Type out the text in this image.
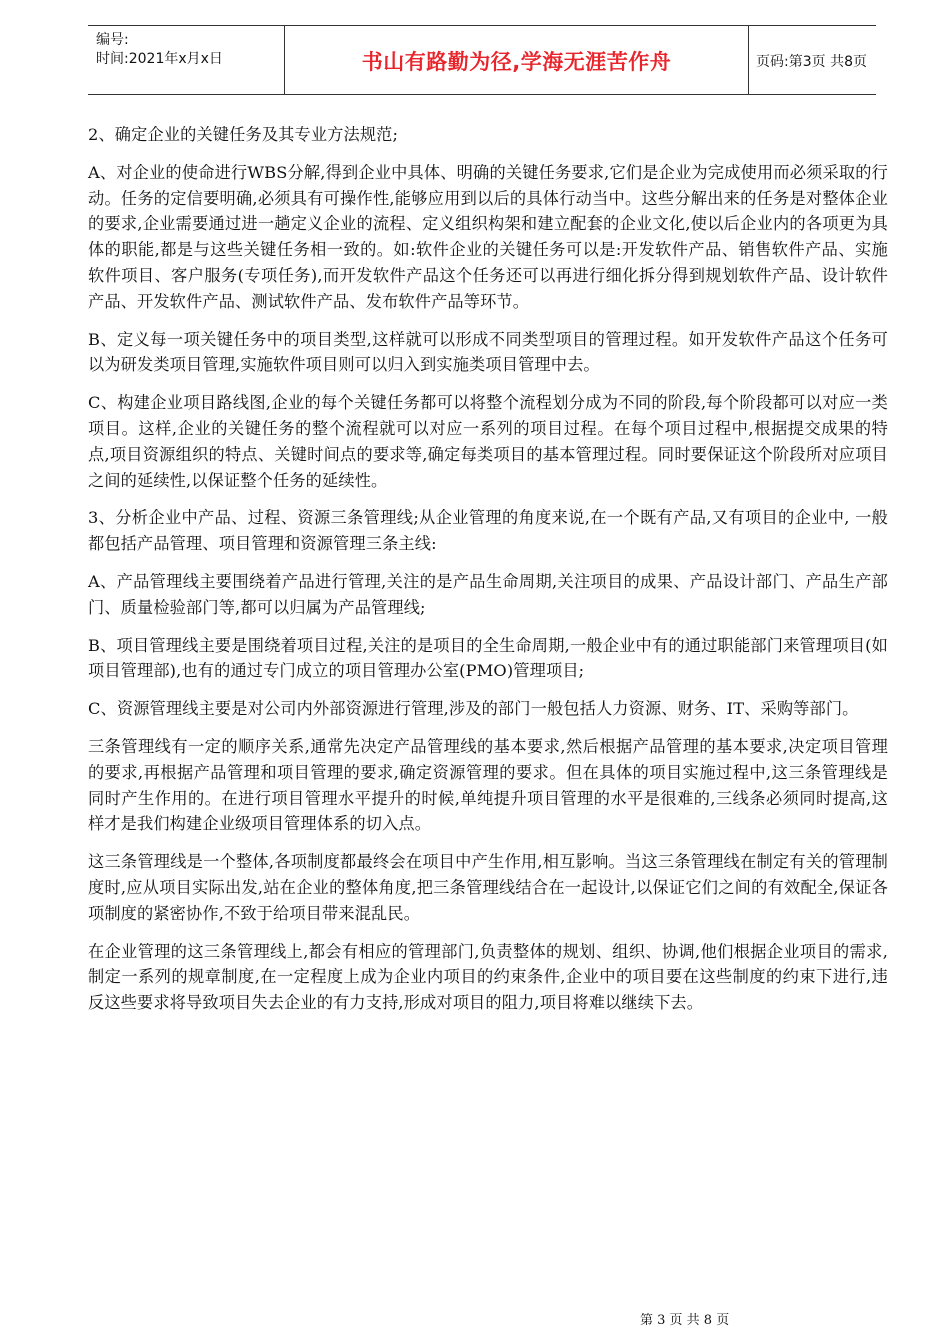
编号:
时间:2021年x月x日	书山有路勤为径,学海无涯苦作舟	页码:第3页 共8页

2、确定企业的关键任务及其专业方法规范;

A、对企业的使命进行WBS分解,得到企业中具体、明确的关键任务要求,它们是企业为完成使用而必须采取的行动。任务的定信要明确,必须具有可操作性,能够应用到以后的具体行动当中。这些分解出来的任务是对整体企业的要求,企业需要通过进一趟定义企业的流程、定义组织构架和建立配套的企业文化,使以后企业内的各项更为具体的职能,都是与这些关键任务相一致的。如:软件企业的关键任务可以是:开发软件产品、销售软件产品、实施软件项目、客户服务(专项任务),而开发软件产品这个任务还可以再进行细化拆分得到规划软件产品、设计软件产品、开发软件产品、测试软件产品、发布软件产品等环节。

B、定义每一项关键任务中的项目类型,这样就可以形成不同类型项目的管理过程。如开发软件产品这个任务可以为研发类项目管理,实施软件项目则可以归入到实施类项目管理中去。

C、构建企业项目路线图,企业的每个关键任务都可以将整个流程划分成为不同的阶段,每个阶段都可以对应一类项目。这样,企业的关键任务的整个流程就可以对应一系列的项目过程。在每个项目过程中,根据提交成果的特点,项目资源组织的特点、关键时间点的要求等,确定每类项目的基本管理过程。同时要保证这个阶段所对应项目之间的延续性,以保证整个任务的延续性。

3、分析企业中产品、过程、资源三条管理线;从企业管理的角度来说,在一个既有产品,又有项目的企业中, 一般都包括产品管理、项目管理和资源管理三条主线:

A、产品管理线主要围绕着产品进行管理,关注的是产品生命周期,关注项目的成果、产品设计部门、产品生产部门、质量检验部门等,都可以归属为产品管理线;

B、项目管理线主要是围绕着项目过程,关注的是项目的全生命周期,一般企业中有的通过职能部门来管理项目(如项目管理部),也有的通过专门成立的项目管理办公室(PMO)管理项目;

C、资源管理线主要是对公司内外部资源进行管理,涉及的部门一般包括人力资源、财务、IT、采购等部门。

三条管理线有一定的顺序关系,通常先决定产品管理线的基本要求,然后根据产品管理的基本要求,决定项目管理的要求,再根据产品管理和项目管理的要求,确定资源管理的要求。但在具体的项目实施过程中,这三条管理线是同时产生作用的。在进行项目管理水平提升的时候,单纯提升项目管理的水平是很难的,三线条必须同时提高,这样才是我们构建企业级项目管理体系的切入点。

这三条管理线是一个整体,各项制度都最终会在项目中产生作用,相互影响。当这三条管理线在制定有关的管理制度时,应从项目实际出发,站在企业的整体角度,把三条管理线结合在一起设计,以保证它们之间的有效配全,保证各项制度的紧密协作,不致于给项目带来混乱民。

在企业管理的这三条管理线上,都会有相应的管理部门,负责整体的规划、组织、协调,他们根据企业项目的需求,制定一系列的规章制度,在一定程度上成为企业内项目的约束条件,企业中的项目要在这些制度的约束下进行,违反这些要求将导致项目失去企业的有力支持,形成对项目的阻力,项目将难以继续下去。

第 3 页 共 8 页
